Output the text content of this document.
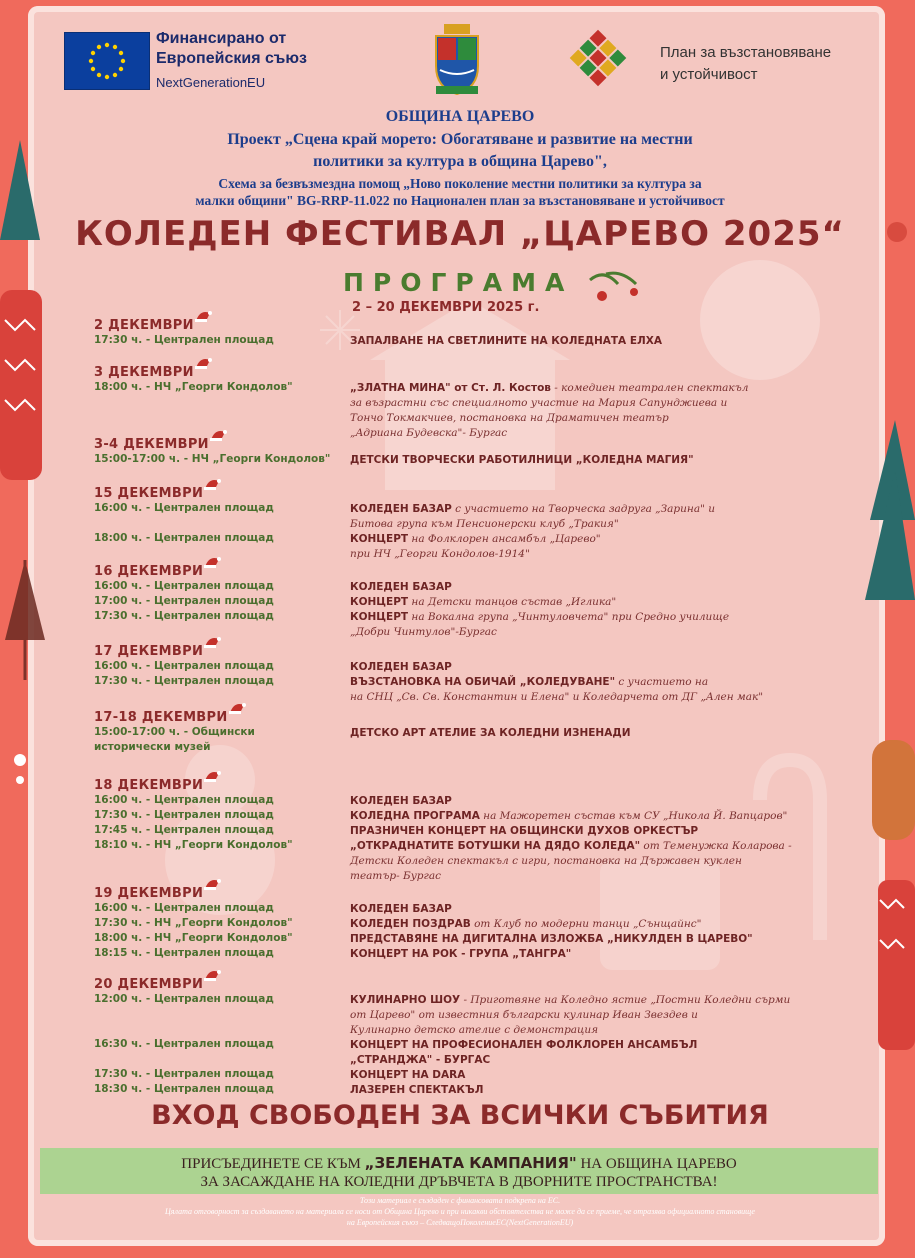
Финансирано от
Европейския съюз
NextGenerationEU
План за възстановяване
и устойчивост
ОБЩИНА ЦАРЕВО
Проект „Сцена край морето: Обогатяване и развитие на местни
политики за култура в община Царево",
Схема за безвъзмездна помощ „Ново поколение местни политики за култура за
малки общини" BG-RRP-11.022 по Национален план за възстановяване и устойчивост
КОЛЕДЕН ФЕСТИВАЛ „ЦАРЕВО 2025“
ПРОГРАМА
2 – 20 ДЕКЕМВРИ 2025 г.
2 ДЕКЕМВРИ
17:30 ч. - Централен площад	ЗАПАЛВАНЕ НА СВЕТЛИНИТЕ НА КОЛЕДНАТА ЕЛХА
3 ДЕКЕМВРИ
18:00 ч. - НЧ „Георги Кондолов"	„ЗЛАТНА МИНА" от Ст. Л. Костов - комедиен театрален спектакъл
за възрастни със специалното участие на Мария Сапунджиева и
Тончо Токмакчиев, постановка на Драматичен театър
„Адриана Будевска"- Бургас
3-4 ДЕКЕМВРИ
15:00-17:00 ч. - НЧ „Георги Кондолов" ДЕТСКИ ТВОРЧЕСКИ РАБОТИЛНИЦИ „КОЛЕДНА МАГИЯ"
15 ДЕКЕМВРИ
16:00 ч. - Централен площад	КОЛЕДЕН БАЗАР с участието на Творческа задруга „Зарина" и
Битова група към Пенсионерски клуб „Тракия"
18:00 ч. - Централен площад	КОНЦЕРТ на Фолклорен ансамбъл „Царево"
при НЧ „Георги Кондолов-1914"
16 ДЕКЕМВРИ
16:00 ч. - Централен площад	КОЛЕДЕН БАЗАР
17:00 ч. - Централен площад	КОНЦЕРТ на Детски танцов състав „Иглика"
17:30 ч. - Централен площад	КОНЦЕРТ на Вокална група „Чинтуловчета" при Средно училище
„Добри Чинтулов"-Бургас
17 ДЕКЕМВРИ
16:00 ч. - Централен площад	КОЛЕДЕН БАЗАР
17:30 ч. - Централен площад	ВЪЗСТАНОВКА НА ОБИЧАЙ „КОЛЕДУВАНЕ" с участието на
на СНЦ „Св. Св. Константин и Елена" и Коледарчета от ДГ „Ален мак"
17-18 ДЕКЕМВРИ
15:00-17:00 ч. - Общински	ДЕТСКО АРТ АТЕЛИЕ ЗА КОЛЕДНИ ИЗНЕНАДИ
исторически музей
18 ДЕКЕМВРИ
16:00 ч. - Централен площад	КОЛЕДЕН БАЗАР
17:30 ч. - Централен площад	КОЛЕДНА ПРОГРАМА на Мажоретен състав към СУ „Никола Й. Вапцаров"
17:45 ч. - Централен площад	ПРАЗНИЧЕН КОНЦЕРТ НА ОБЩИНСКИ ДУХОВ ОРКЕСТЪР
18:10 ч. - НЧ „Георги Кондолов"	„ОТКРАДНАТИТЕ БОТУШКИ НА ДЯДО КОЛЕДА" от Теменужка Коларова -
Детски Коледен спектакъл с игри, постановка на Държавен куклен
театър- Бургас
19 ДЕКЕМВРИ
16:00 ч. - Централен площад	КОЛЕДЕН БАЗАР
17:30 ч. - НЧ „Георги Кондолов"	КОЛЕДЕН ПОЗДРАВ от Клуб по модерни танци „Сънщайнс"
18:00 ч. - НЧ „Георги Кондолов"	ПРЕДСТАВЯНЕ НА ДИГИТАЛНА ИЗЛОЖБА „НИКУЛДЕН В ЦАРЕВО"
18:15 ч. - Централен площад	КОНЦЕРТ НА РОК - ГРУПА „ТАНГРА"
20 ДЕКЕМВРИ
12:00 ч. - Централен площад	КУЛИНАРНО ШОУ - Приготвяне на Коледно ястие „Постни Коледни сърми
от Царево" от известния български кулинар Иван Звездев и
Кулинарно детско ателие с демонстрация
16:30 ч. - Централен площад	КОНЦЕРТ НА ПРОФЕСИОНАЛЕН ФОЛКЛОРЕН АНСАМБЪЛ
„СТРАНДЖА" - БУРГАС
17:30 ч. - Централен площад	КОНЦЕРТ НА DARA
18:30 ч. - Централен площад	ЛАЗЕРЕН СПЕКТАКЪЛ
ВХОД СВОБОДЕН ЗА ВСИЧКИ СЪБИТИЯ
ПРИСЪЕДИНЕТЕ СЕ КЪМ „ЗЕЛЕНАТА КАМПАНИЯ" НА ОБЩИНА ЦАРЕВО
ЗА ЗАСАЖДАНЕ НА КОЛЕДНИ ДРЪВЧЕТА В ДВОРНИТЕ ПРОСТРАНСТВА!
Този материал е създаден с финансовата подкрепа на ЕС.
Цялата отговорност за създаването на материала се носи от Община Царево и при никакви обстоятелства не може да се приеме, че отразява официалното становище
на Европейския съюз – СледващоПоколениеЕС(NextGenerationEU)
